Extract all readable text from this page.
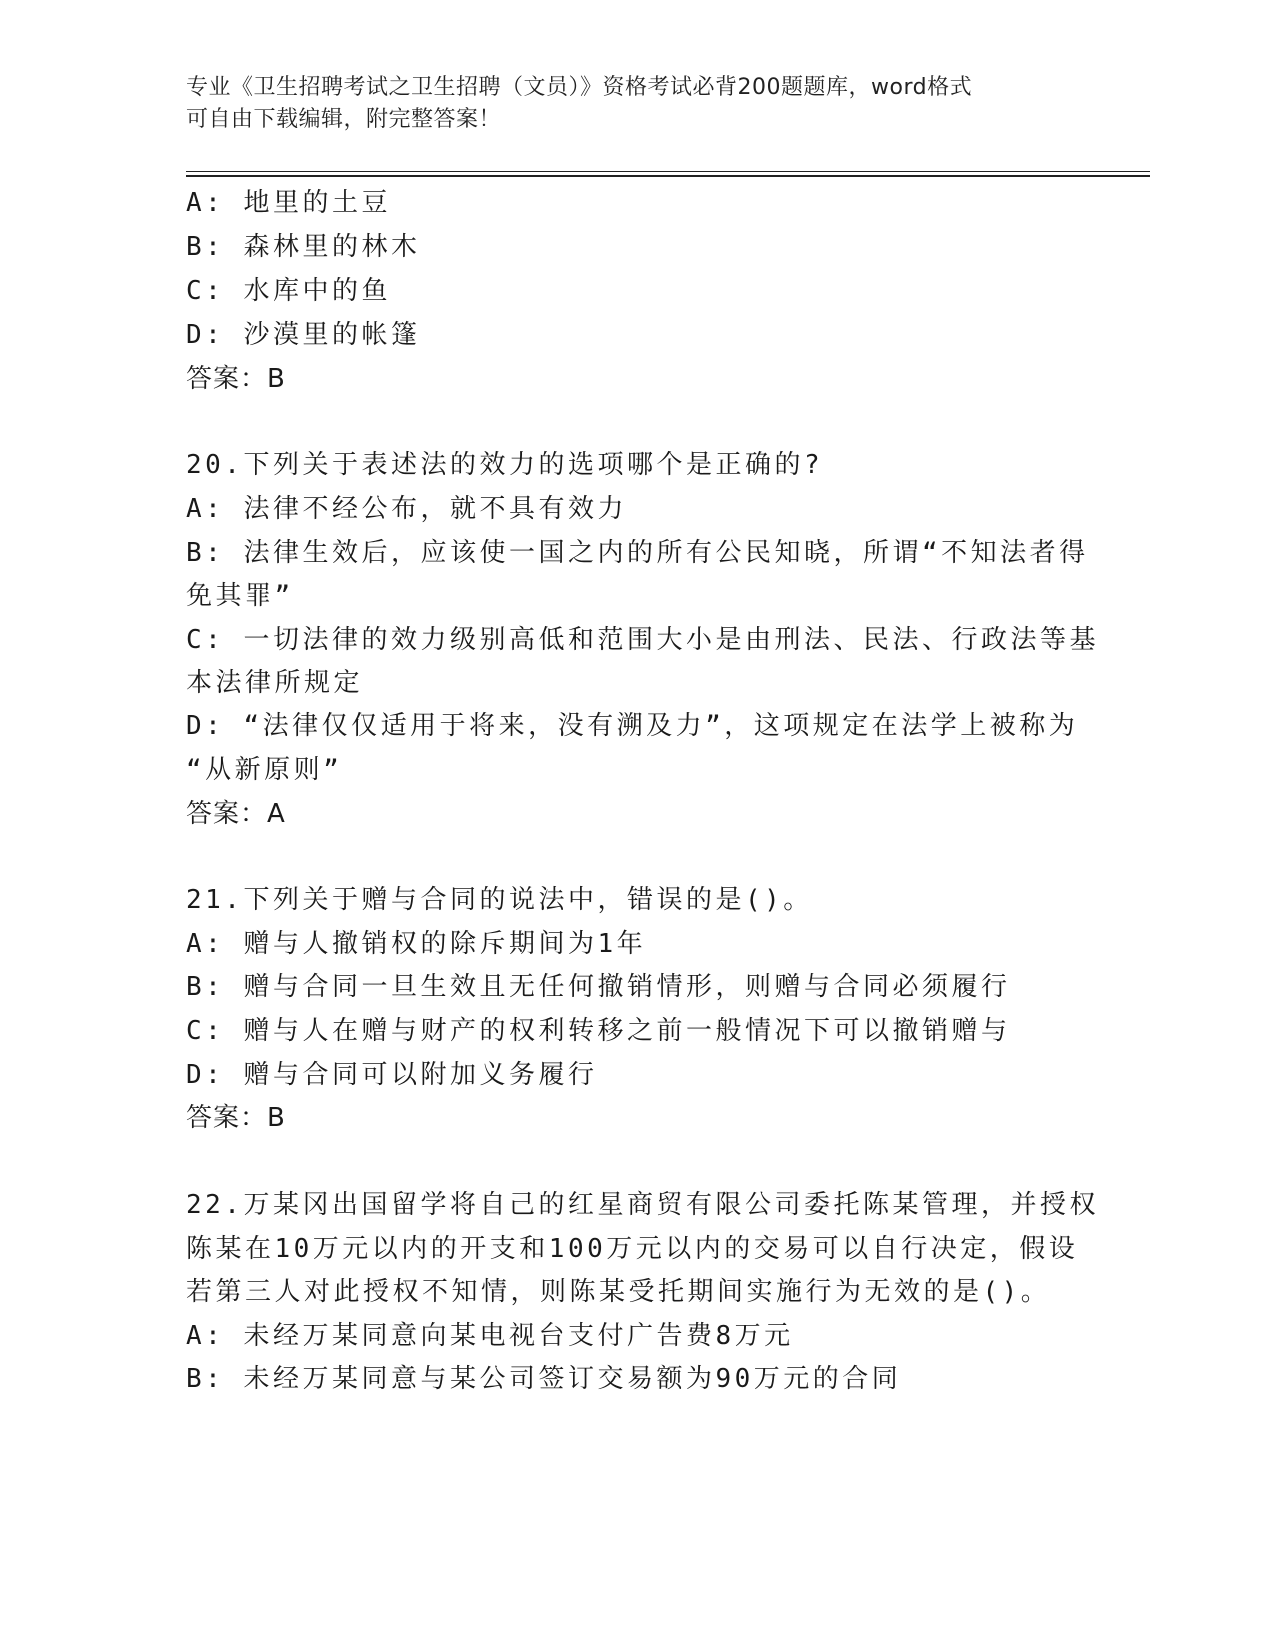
专业《卫生招聘考试之卫生招聘（文员）》资格考试必背200题题库，word格式
可自由下载编辑，附完整答案！
A: 地里的土豆
B: 森林里的林木
C: 水库中的鱼
D: 沙漠里的帐篷
答案：B
20.下列关于表述法的效力的选项哪个是正确的?
A: 法律不经公布，就不具有效力
B: 法律生效后，应该使一国之内的所有公民知晓，所谓“不知法者得
免其罪”
C: 一切法律的效力级别高低和范围大小是由刑法、民法、行政法等基
本法律所规定
D: “法律仅仅适用于将来，没有溯及力”，这项规定在法学上被称为
“从新原则”
答案：A
21.下列关于赠与合同的说法中，错误的是()。
A: 赠与人撤销权的除斥期间为1年
B: 赠与合同一旦生效且无任何撤销情形，则赠与合同必须履行
C: 赠与人在赠与财产的权利转移之前一般情况下可以撤销赠与
D: 赠与合同可以附加义务履行
答案：B
22.万某冈出国留学将自己的红星商贸有限公司委托陈某管理，并授权
陈某在10万元以内的开支和100万元以内的交易可以自行决定，假设
若第三人对此授权不知情，则陈某受托期间实施行为无效的是()。
A: 未经万某同意向某电视台支付广告费8万元
B: 未经万某同意与某公司签订交易额为90万元的合同
